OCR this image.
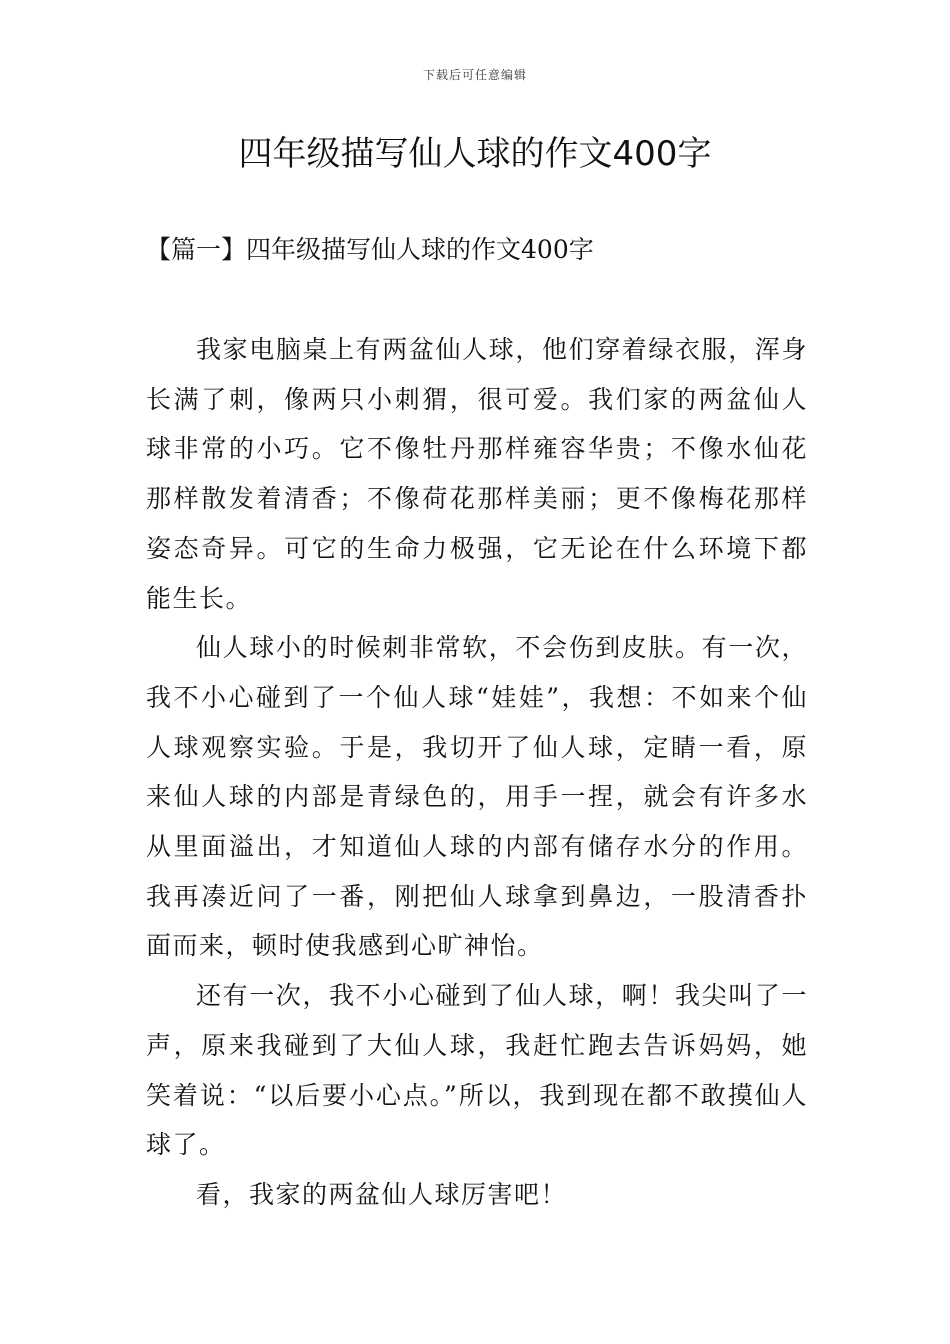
下载后可任意编辑
四年级描写仙人球的作文400字
【篇一】四年级描写仙人球的作文400字

我家电脑桌上有两盆仙人球，他们穿着绿衣服，浑身长满了刺，像两只小刺猬，很可爱。我们家的两盆仙人球非常的小巧。它不像牡丹那样雍容华贵；不像水仙花那样散发着清香；不像荷花那样美丽；更不像梅花那样姿态奇异。可它的生命力极强，它无论在什么环境下都能生长。

仙人球小的时候刺非常软，不会伤到皮肤。有一次，我不小心碰到了一个仙人球“娃娃”，我想：不如来个仙人球观察实验。于是，我切开了仙人球，定睛一看，原来仙人球的内部是青绿色的，用手一捏，就会有许多水从里面溢出，才知道仙人球的内部有储存水分的作用。我再凑近问了一番，刚把仙人球拿到鼻边，一股清香扑面而来，顿时使我感到心旷神怡。

还有一次，我不小心碰到了仙人球，啊！我尖叫了一声，原来我碰到了大仙人球，我赶忙跑去告诉妈妈，她笑着说：“以后要小心点。”所以，我到现在都不敢摸仙人球了。

看，我家的两盆仙人球厉害吧！
